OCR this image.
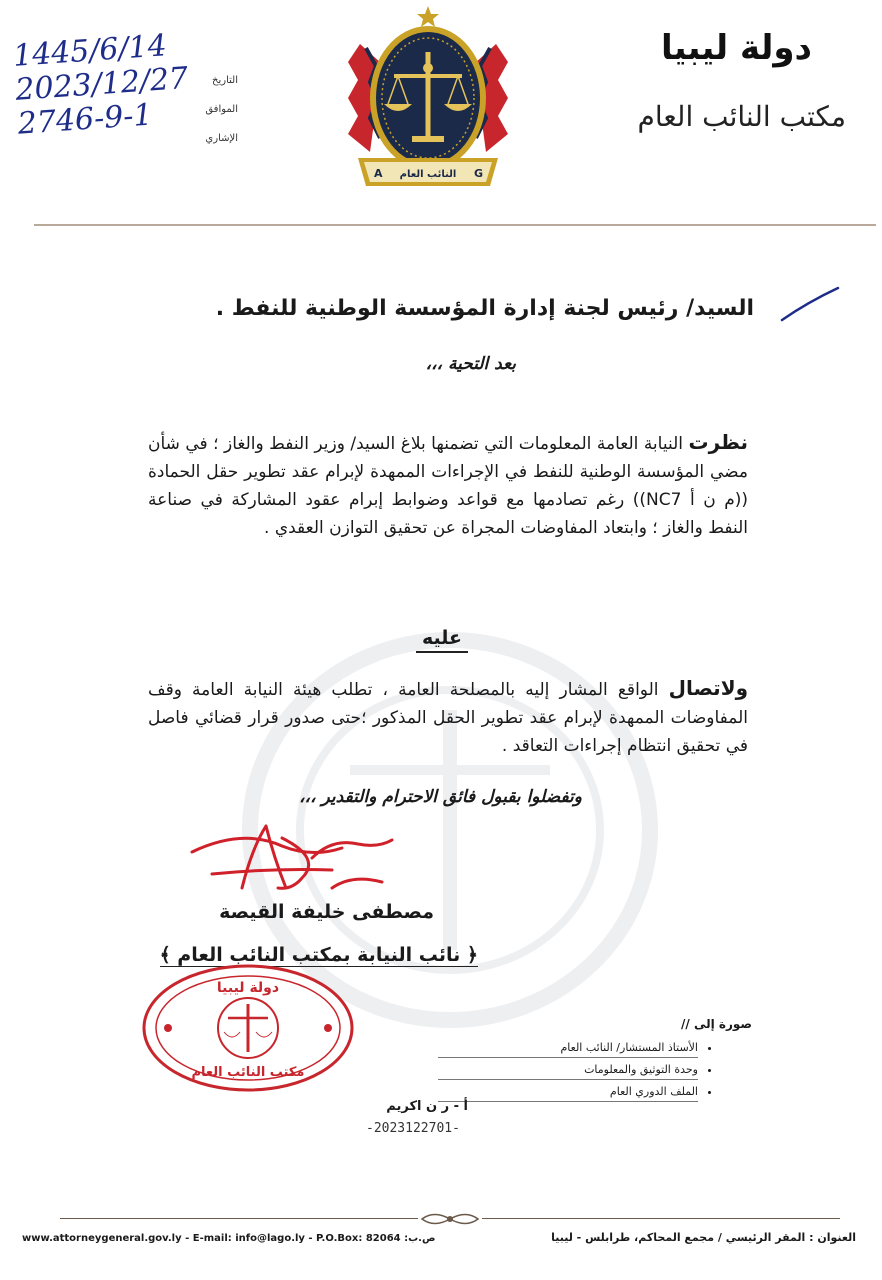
دولة ليبيا
مكتب النائب العام
A	G
النائب العام
التاريخ
الموافق
الإشاري
1445/6/14
2023/12/27
2746-9-1
السيد/ رئيس لجنة إدارة المؤسسة الوطنية للنفط .
بعد التحية ،،،
نظرت النيابة العامة المعلومات التي تضمنها بلاغ السيد/ وزير النفط والغاز ؛ في شأن مضي المؤسسة الوطنية للنفط في الإجراءات الممهدة لإبرام عقد تطوير حقل الحمادة ((م ن أ NC7)) رغم تصادمها مع قواعد وضوابط إبرام عقود المشاركة في صناعة النفط والغاز ؛ وابتعاد المفاوضات المجراة عن تحقيق التوازن العقدي .
عليه
ولاتصال الواقع المشار إليه بالمصلحة العامة ، تطلب هيئة النيابة العامة وقف المفاوضات الممهدة لإبرام عقد تطوير الحقل المذكور ؛حتى صدور قرار قضائي فاصل في تحقيق انتظام إجراءات التعاقد .
وتفضلوا بقبول فائق الاحترام والتقدير ،،،
مصطفى خليفة القيصة
﴿ نائب النيابة بمكتب النائب العام ﴾
دولة ليبيا
مكتب النائب العام
صورة إلى //
• الأستاذ المستشار/ النائب العام
• وحدة التوثيق والمعلومات
• الملف الدوري العام
أ - ر ن اكريم
-2023122701-
العنوان : المقر الرئيسي / مجمع المحاكم، طرابلس - ليبيا
www.attorneygeneral.gov.ly - E-mail: info@lago.ly - P.O.Box: 82064 :ص.ب
